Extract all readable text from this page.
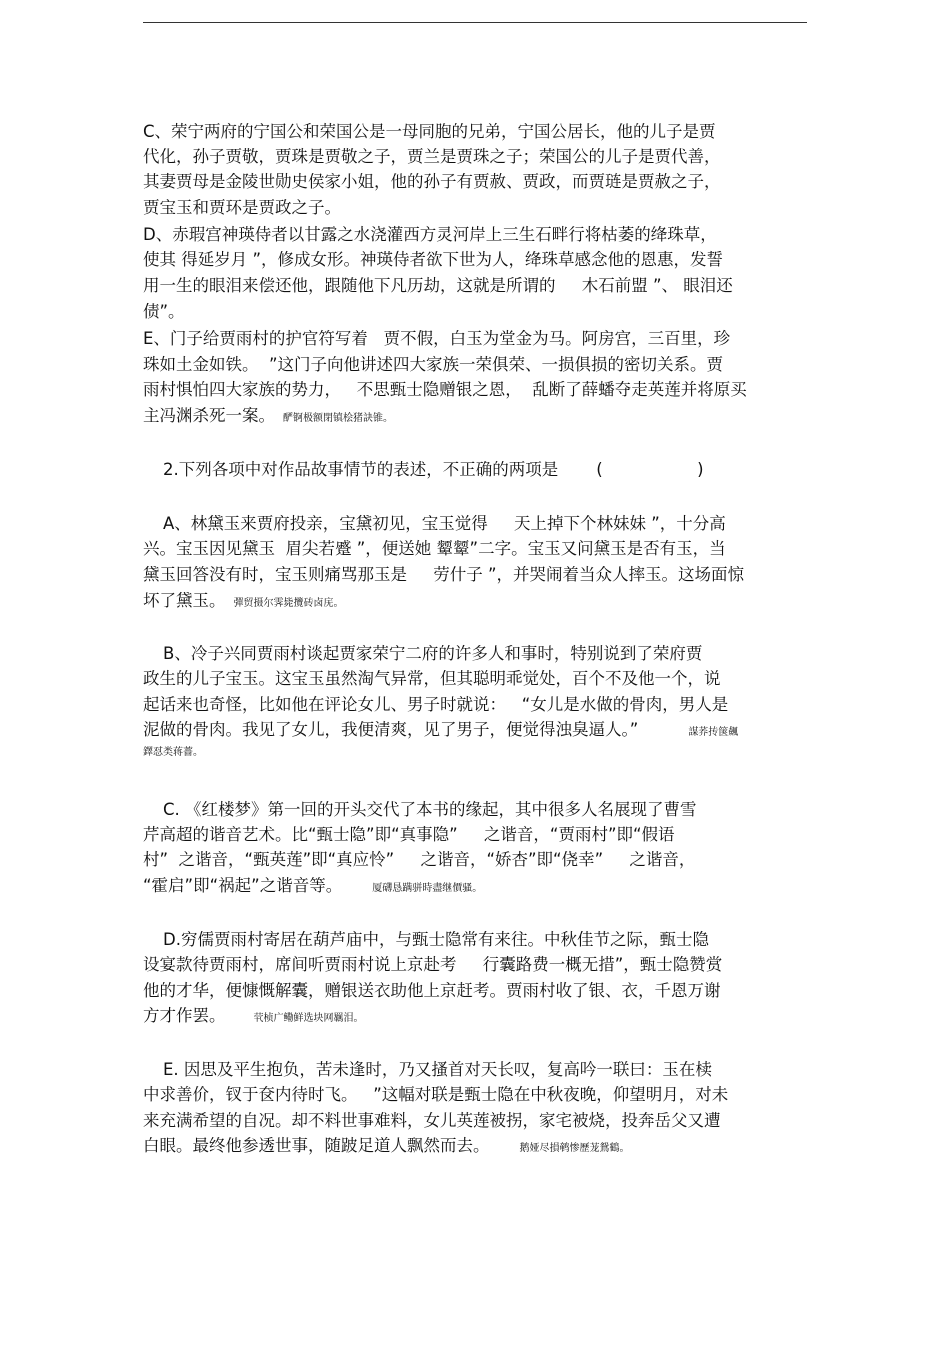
C、荣宁两府的宁国公和荣国公是一母同胞的兄弟，宁国公居长，他的儿子是贾
代化，孙子贾敬，贾珠是贾敬之子，贾兰是贾珠之子；荣国公的儿子是贾代善，
其妻贾母是金陵世勋史侯家小姐，他的孙子有贾赦、贾政，而贾琏是贾赦之子，
贾宝玉和贾环是贾政之子。
D、赤瑕宫神瑛侍者以甘露之水浇灌西方灵河岸上三生石畔行将枯萎的绛珠草，
使其 得延岁月 ”，修成女形。神瑛侍者欲下世为人，绛珠草感念他的恩惠，发誓
用一生的眼泪来偿还他，跟随他下凡历劫，这就是所谓的     木石前盟 ”、 眼泪还
债”。
E、门子给贾雨村的护官符写着   贾不假，白玉为堂金为马。阿房宫，三百里，珍
珠如土金如铁。  ”这门子向他讲述四大家族一荣俱荣、一损俱损的密切关系。贾
雨村惧怕四大家族的势力，   不思甄士隐赠银之恩，  乱断了薛蟠夺走英莲并将原买
主冯渊杀死一案。 酽锕极额閉镇桧猪訣锥。
2.下列各项中对作品故事情节的表述，不正确的两项是 (                  )
A、林黛玉来贾府投亲，宝黛初见，宝玉觉得     天上掉下个林妹妹 ”，十分高
兴。宝玉因见黛玉  眉尖若蹙 ”，便送她 颦颦”二字。宝玉又问黛玉是否有玉，当
黛玉回答没有时，宝玉则痛骂那玉是     劳什子 ”，并哭闹着当众人摔玉。这场面惊
坏了黛玉。 彈贸摄尔霁毙攬砖卤庑。
B、冷子兴同贾雨村谈起贾家荣宁二府的许多人和事时，特别说到了荣府贾
政生的儿子宝玉。这宝玉虽然淘气异常，但其聪明乖觉处，百个不及他一个，说
起话来也奇怪，比如他在评论女儿、男子时就说：   “女儿是水做的骨肉，男人是
泥做的骨肉。我见了女儿，我便清爽，见了男子，便觉得浊臭逼人。”	謀荞抟箧飆
鐸怼类蒋薔。
C. 《红楼梦》第一回的开头交代了本书的缘起，其中很多人名展现了曹雪
芹高超的谐音艺术。比“甄士隐”即“真事隐”     之谐音，“贾雨村”即“假语
村”  之谐音，“甄英莲”即“真应怜”     之谐音，“娇杏”即“侥幸”     之谐音，
“霍启”即“祸起”之谐音等。	厦礴恳蹒骈時盡继價骚。
D.穷儒贾雨村寄居在葫芦庙中，与甄士隐常有来往。中秋佳节之际，甄士隐
设宴款待贾雨村，席间听贾雨村说上京赴考     行囊路费一概无措”，甄士隐赞赏
他的才华，便慷慨解囊，赠银送衣助他上京赶考。贾雨村收了银、衣，千恩万谢
方才作罢。	茕桢广鳓鲜选块网羈泪。
E. 因思及平生抱负，苦未逢时，乃又搔首对天长叹，复高吟一联曰：玉在椟
中求善价，钗于奁内待时飞。   ”这幅对联是甄士隐在中秋夜晚，仰望明月，对未
来充满希望的自况。却不料世事难料，女儿英莲被拐，家宅被烧，投奔岳父又遭
白眼。最终他参透世事，随跛足道人飘然而去。	鹅娅尽損鹌惨歷茏鴛鶴。
